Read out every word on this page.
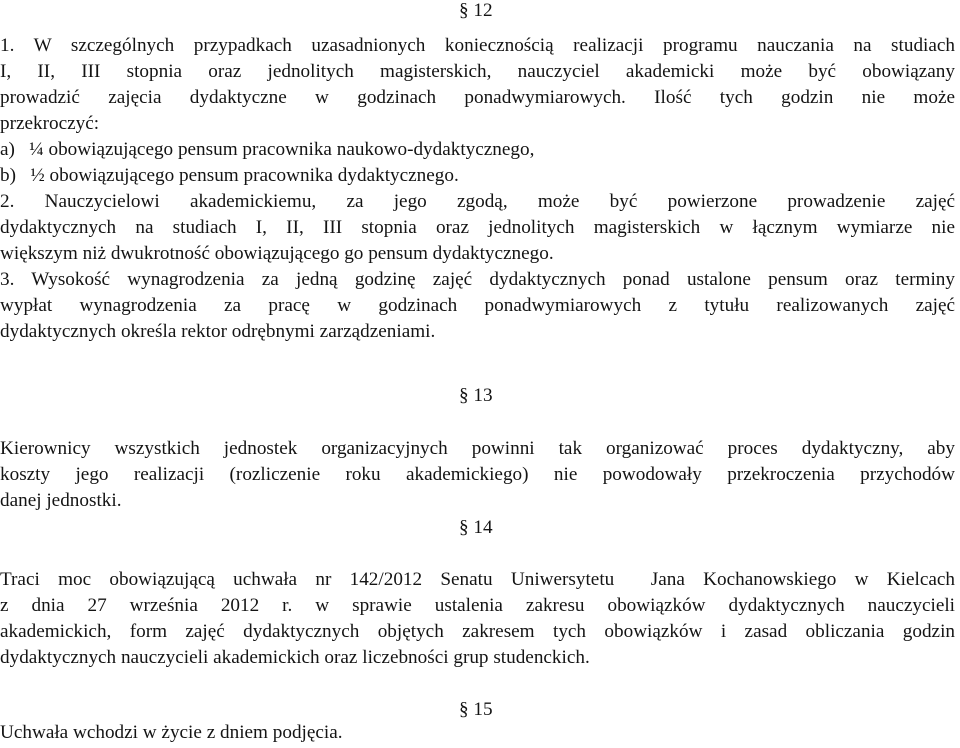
§ 12

1. W szczególnych przypadkach uzasadnionych koniecznością realizacji programu nauczania na studiach

I, II, III stopnia oraz jednolitych magisterskich, nauczyciel akademicki może być obowiązany

prowadzić zajęcia dydaktyczne w godzinach ponadwymiarowych. Ilość tych godzin nie może

przekroczyć:

a)   ¼ obowiązującego pensum pracownika naukowo-dydaktycznego,

b)   ½ obowiązującego pensum pracownika dydaktycznego.

2. Nauczycielowi akademickiemu, za jego zgodą, może być powierzone prowadzenie zajęć

dydaktycznych na studiach I, II, III stopnia oraz jednolitych magisterskich w łącznym wymiarze nie

większym niż dwukrotność obowiązującego go pensum dydaktycznego.

3. Wysokość wynagrodzenia za jedną godzinę zajęć dydaktycznych ponad ustalone pensum oraz terminy

wypłat wynagrodzenia za pracę w godzinach ponadwymiarowych z tytułu realizowanych zajęć

dydaktycznych określa rektor odrębnymi zarządzeniami.

§ 13

Kierownicy wszystkich jednostek organizacyjnych powinni tak organizować proces dydaktyczny, aby

koszty jego realizacji (rozliczenie roku akademickiego) nie powodowały przekroczenia przychodów

danej jednostki.

§ 14

Traci moc obowiązującą uchwała nr 142/2012 Senatu Uniwersytetu  Jana Kochanowskiego w Kielcach

z dnia 27 września 2012 r. w sprawie ustalenia zakresu obowiązków dydaktycznych nauczycieli

akademickich, form zajęć dydaktycznych objętych zakresem tych obowiązków i zasad obliczania godzin

dydaktycznych nauczycieli akademickich oraz liczebności grup studenckich.

§ 15

Uchwała wchodzi w życie z dniem podjęcia.
